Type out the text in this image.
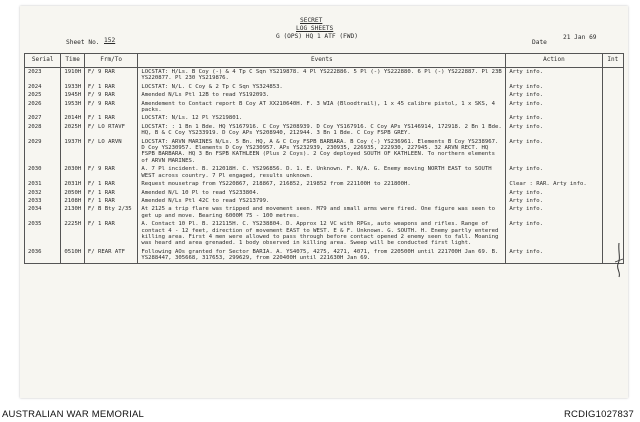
SECRET
LOG SHEETS
G (OPS) HQ 1 ATF (FWD)
Sheet No. 152	Date
21 Jan 69
Serial	Time	Frm/To	Events	Action	Int
2023	1910H	F/ 9 RAR	LOCSTAT: H/Ls. B Coy (-) & 4 Tp C Sqn YS219878. 4 Pl YS222886. 5 Pl (-) YS222880. 6 Pl (-) YS222887. Pl 23B YS220877. Pl 230 YS219876.	Arty info.	
2024	1933H	F/ 1 RAR	LOCSTAT: N/L. C Coy & 2 Tp C Sqn YS324853.	Arty info.	
2025	1945H	F/ 9 RAR	Amended N/Ls Ptl 12B to read YS192093.	Arty info.	
2026	1953H	F/ 9 RAR	Amendement to Contact report B Coy AT XX210640H. F. 3 WIA (Bloodtrail), 1 x 45 calibre pistol, 1 x SKS, 4 packs.	Arty info.	
2027	2014H	F/ 1 RAR	LOCSTAT: N/Ls. 12 Pl YS219801.	Arty info.	
2028	2025H	F/ LO RTAVF	LOCSTAT: : 1 Bn 1 Bde. HQ YS167916. C Coy YS208939. D Coy YS167916. C Coy APs YS146914, 172918. 2 Bn 1 Bde. HQ, B & C Coy YS233919. D Coy APs YS208940, 212944. 3 Bn 1 Bde. C Coy FSPB GREY.	Arty info.	
2029	1937H	F/ LO ARVN	LOCSTAT: ARVN MARINES N/Ls. 5 Bn. HQ, A & C Coy FSPB BARBARA. B Coy (-) YS236961. Elements B Coy YS238967. D Coy YS230957. Elements D Coy YS230957. APs YS232939, 230935, 226935, 222930, 227945. 32 ARVN RECT. HQ FSPB BARBARA. HQ 3 Bn FSPB KATHLEEN (Plus 2 Coys). 2 Coy deployed SOUTH OF KATHLEEN. To northern elements of ARVN MARINES.	Arty info.	
2030	2030H	F/ 9 RAR	A. 7 Pl incident. B. 212018H. C. YS296856. D. 1. E. Unknown. F. N/A. G. Enemy moving NORTH EAST to SOUTH WEST across country. 7 Pl engaged, results unknown.	Arty info.	
2031	2031H	F/ 1 RAR	Request mousetrap from YS220867, 218867, 216852, 219852 from 221100H to 221800H.	Clear : RAR. Arty info.	
2032	2050H	F/ 1 RAR	Amended N/L 10 Pl to read YS233804.	Arty info.	
2033	2108H	F/ 1 RAR	Amended N/Ls Ptl 42C to read YS213799.	Arty info.	
2034	2130H	F/ B Bty 2/35	At 2125 a trip flare was tripped and movement seen. M79 and small arms were fired. One figure was seen to get up and move. Bearing 6000M 75 - 100 metres.	Arty info.	
2035	2225H	F/ 1 RAR	A. Contact 10 Pl. B. 212115H. C. YS238804. D. Approx 12 VC with RPGs, auto weapons and rifles. Range of contact 4 - 12 feet, direction of movement EAST to WEST. E & F. Unknown. G. SOUTH. H. Enemy partly entered killing area. First 4 men were allowed to pass through before contact opened 2 enemy seen to fall. Moaning was heard and area grenaded. 1 body observed in killing area. Sweep will be conducted first light.	Arty info.	
2036	0510H	F/ REAR ATF	Following AOs granted for Sector BARIA. A. YS4075, 4275, 4271, 4071, from 220500H until 221700H Jan 69. B. YS288447, 305668, 317653, 299629, from 220400H until 221630H Jan 69.	Arty info.	
AUSTRALIAN WAR MEMORIAL	RCDIG1027837
